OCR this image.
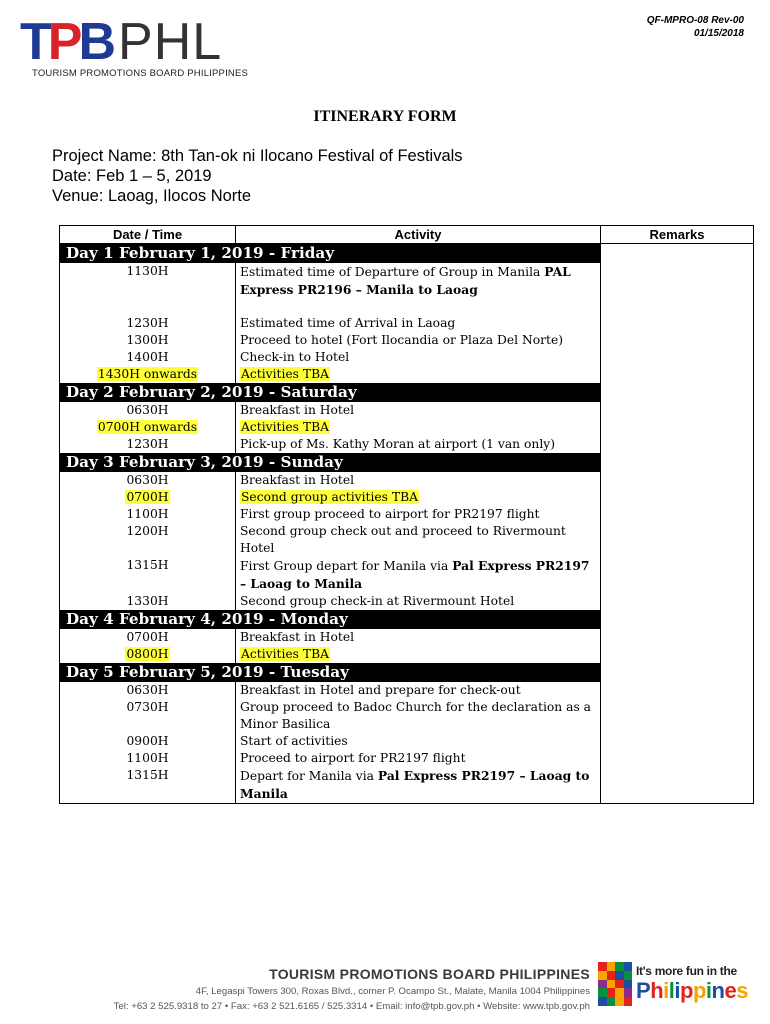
TPB PHL
TOURISM PROMOTIONS BOARD PHILIPPINES
QF-MPRO-08 Rev-00
01/15/2018
ITINERARY FORM
Project Name: 8th Tan-ok ni Ilocano Festival of Festivals
Date: Feb 1 – 5, 2019
Venue: Laoag, Ilocos Norte
Date / Time	Activity	Remarks
Day 1 February 1, 2019 - Friday		
1130H	Estimated time of Departure of Group in Manila PAL Express PR2196 – Manila to Laoag	
1230H	Estimated time of Arrival in Laoag	
1300H	Proceed to hotel (Fort Ilocandia or Plaza Del Norte)	
1400H	Check-in to Hotel	
1430H onwards	Activities TBA	
Day 2 February 2, 2019 - Saturday		
0630H	Breakfast in Hotel	
0700H onwards	Activities TBA	
1230H	Pick-up of Ms. Kathy Moran at airport (1 van only)	
Day 3 February 3, 2019 - Sunday		
0630H	Breakfast in Hotel	
0700H	Second group activities TBA	
1100H	First group proceed to airport for PR2197 flight	
1200H	Second group check out and proceed to Rivermount Hotel	
1315H	First Group depart for Manila via Pal Express PR2197 – Laoag to Manila	
1330H	Second group check-in at Rivermount Hotel	
Day 4 February 4, 2019 - Monday		
0700H	Breakfast in Hotel	
0800H	Activities TBA	
Day 5 February 5, 2019 - Tuesday		
0630H	Breakfast in Hotel and prepare for check-out	
0730H	Group proceed to Badoc Church for the declaration as a Minor Basilica	
0900H	Start of activities	
1100H	Proceed to airport for PR2197 flight	
1315H	Depart for Manila via Pal Express PR2197 – Laoag to Manila	
TOURISM PROMOTIONS BOARD PHILIPPINES
4F, Legaspi Towers 300, Roxas Blvd., corner P. Ocampo St., Malate, Manila 1004 Philippines
Tel: +63 2 525.9318 to 27 • Fax: +63 2 521.6165 / 525.3314 • Email: info@tpb.gov.ph • Website: www.tpb.gov.ph
It's more fun in the
Philippines
